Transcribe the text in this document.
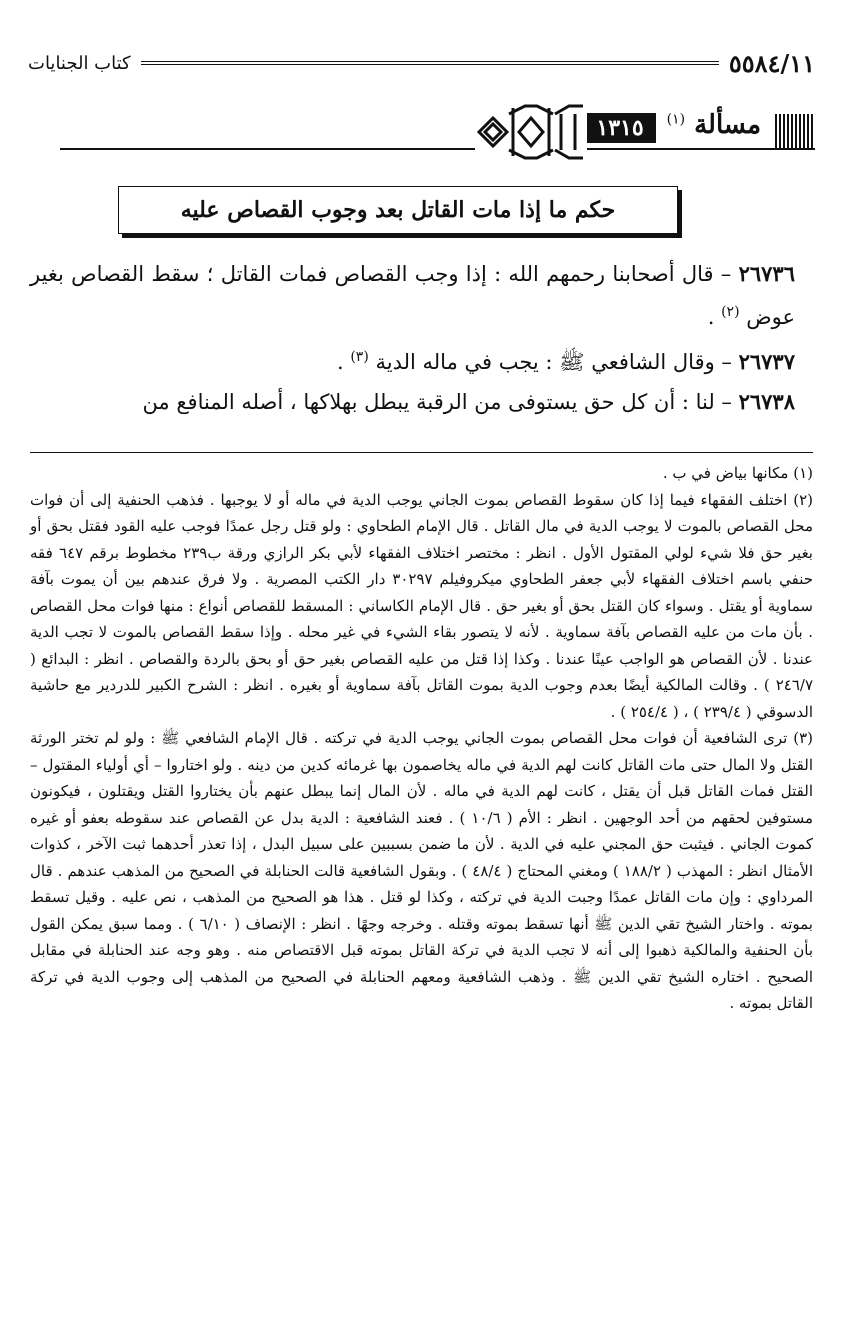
٥٥٨٤/١١
كتاب الجنايات
مسألة $^{(١)}$
١٣١٥
حكم ما إذا مات القاتل بعد وجوب القصاص عليه

٢٦٧٣٦ – قال أصحابنا رحمهم الله : إذا وجب القصاص فمات القاتل ؛ سقط القصاص بغير عوض $^{(٢)}$ .

٢٦٧٣٧ – وقال الشافعي ﷺ : يجب في ماله الدية $^{(٣)}$ .

٢٦٧٣٨ – لنا : أن كل حق يستوفى من الرقبة يبطل بهلاكها ، أصله المنافع من

(١) مكانها بياض في ب .

(٢) اختلف الفقهاء فيما إذا كان سقوط القصاص بموت الجاني يوجب الدية في ماله أو لا يوجبها . فذهب الحنفية إلى أن فوات محل القصاص بالموت لا يوجب الدية في مال القاتل . قال الإمام الطحاوي : ولو قتل رجل عمدًا فوجب عليه القود فقتل بحق أو بغير حق فلا شيء لولي المقتول الأول . انظر : مختصر اختلاف الفقهاء لأبي بكر الرازي ورقة ب٢٣٩ مخطوط برقم ٦٤٧ فقه حنفي باسم اختلاف الفقهاء لأبي جعفر الطحاوي ميكروفيلم ٣٠٢٩٧ دار الكتب المصرية . ولا فرق عندهم بين أن يموت بآفة سماوية أو يقتل . وسواء كان القتل بحق أو بغير حق . قال الإمام الكاساني : المسقط للقصاص أنواع : منها فوات محل القصاص . بأن مات من عليه القصاص بآفة سماوية . لأنه لا يتصور بقاء الشيء في غير محله . وإذا سقط القصاص بالموت لا تجب الدية عندنا . لأن القصاص هو الواجب عينًا عندنا . وكذا إذا قتل من عليه القصاص بغير حق أو بحق بالردة والقصاص . انظر : البدائع ( ٢٤٦/٧ ) . وقالت المالكية أيضًا بعدم وجوب الدية بموت القاتل بآفة سماوية أو بغيره . انظر : الشرح الكبير للدردير مع حاشية الدسوقي ( ٢٣٩/٤ ) ، ( ٢٥٤/٤ ) .

(٣) ترى الشافعية أن فوات محل القصاص بموت الجاني يوجب الدية في تركته . قال الإمام الشافعي ﷺ : ولو لم تختر الورثة القتل ولا المال حتى مات القاتل كانت لهم الدية في ماله يخاصمون بها غرمائه كدين من دينه . ولو اختاروا – أي أولياء المقتول – القتل فمات القاتل قبل أن يقتل ، كانت لهم الدية في ماله . لأن المال إنما يبطل عنهم بأن يختاروا القتل ويقتلون ، فيكونون مستوفين لحقهم من أحد الوجهين . انظر : الأم ( ١٠/٦ ) . فعند الشافعية : الدية بدل عن القصاص عند سقوطه بعفو أو غيره كموت الجاني . فيثبت حق المجني عليه في الدية . لأن ما ضمن بسببين على سبيل البدل ، إذا تعذر أحدهما ثبت الآخر ، كذوات الأمثال انظر : المهذب ( ١٨٨/٢ ) ومغني المحتاج ( ٤٨/٤ ) . وبقول الشافعية قالت الحنابلة في الصحيح من المذهب عندهم . قال المرداوي : وإن مات القاتل عمدًا وجبت الدية في تركته ، وكذا لو قتل . هذا هو الصحيح من المذهب ، نص عليه . وقيل تسقط بموته . واختار الشيخ تقي الدين ﷺ أنها تسقط بموته وقتله . وخرجه وجهًا . انظر : الإنصاف ( ٦/١٠ ) . ومما سبق يمكن القول بأن الحنفية والمالكية ذهبوا إلى أنه لا تجب الدية في تركة القاتل بموته قبل الاقتصاص منه . وهو وجه عند الحنابلة في مقابل الصحيح . اختاره الشيخ تقي الدين ﷺ . وذهب الشافعية ومعهم الحنابلة في الصحيح من المذهب إلى وجوب الدية في تركة القاتل بموته .
